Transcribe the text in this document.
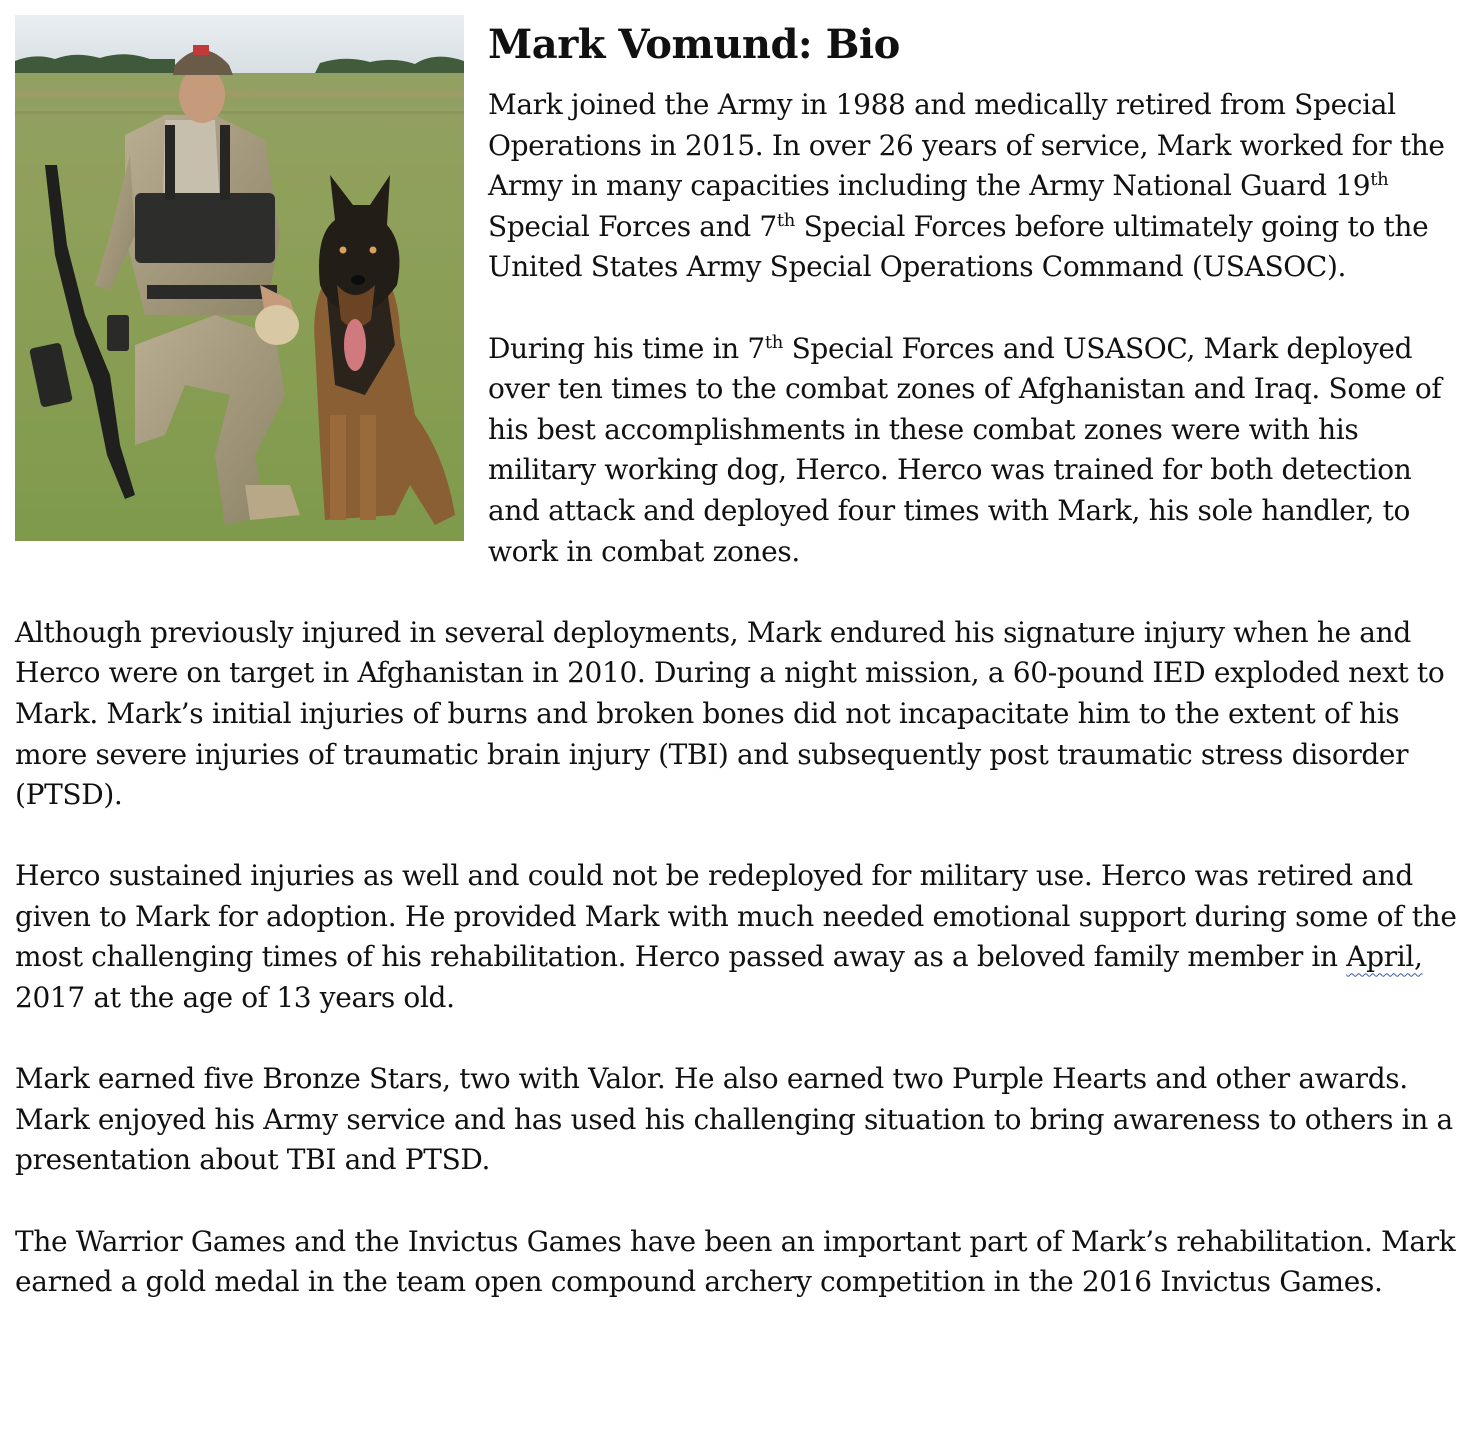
Mark Vomund: Bio

Mark joined the Army in 1988 and medically retired from Special Operations in 2015. In over 26 years of service, Mark worked for the Army in many capacities including the Army National Guard 19th Special Forces and 7th Special Forces before ultimately going to the United States Army Special Operations Command (USASOC).

During his time in 7th Special Forces and USASOC, Mark deployed over ten times to the combat zones of Afghanistan and Iraq. Some of his best accomplishments in these combat zones were with his military working dog, Herco. Herco was trained for both detection and attack and deployed four times with Mark, his sole handler, to work in combat zones.

Although previously injured in several deployments, Mark endured his signature injury when he and Herco were on target in Afghanistan in 2010. During a night mission, a 60-pound IED exploded next to Mark. Mark’s initial injuries of burns and broken bones did not incapacitate him to the extent of his more severe injuries of traumatic brain injury (TBI) and subsequently post traumatic stress disorder (PTSD).

Herco sustained injuries as well and could not be redeployed for military use. Herco was retired and given to Mark for adoption. He provided Mark with much needed emotional support during some of the most challenging times of his rehabilitation. Herco passed away as a beloved family member in April, 2017 at the age of 13 years old.

Mark earned five Bronze Stars, two with Valor. He also earned two Purple Hearts and other awards. Mark enjoyed his Army service and has used his challenging situation to bring awareness to others in a presentation about TBI and PTSD.

The Warrior Games and the Invictus Games have been an important part of Mark’s rehabilitation. Mark earned a gold medal in the team open compound archery competition in the 2016 Invictus Games.
